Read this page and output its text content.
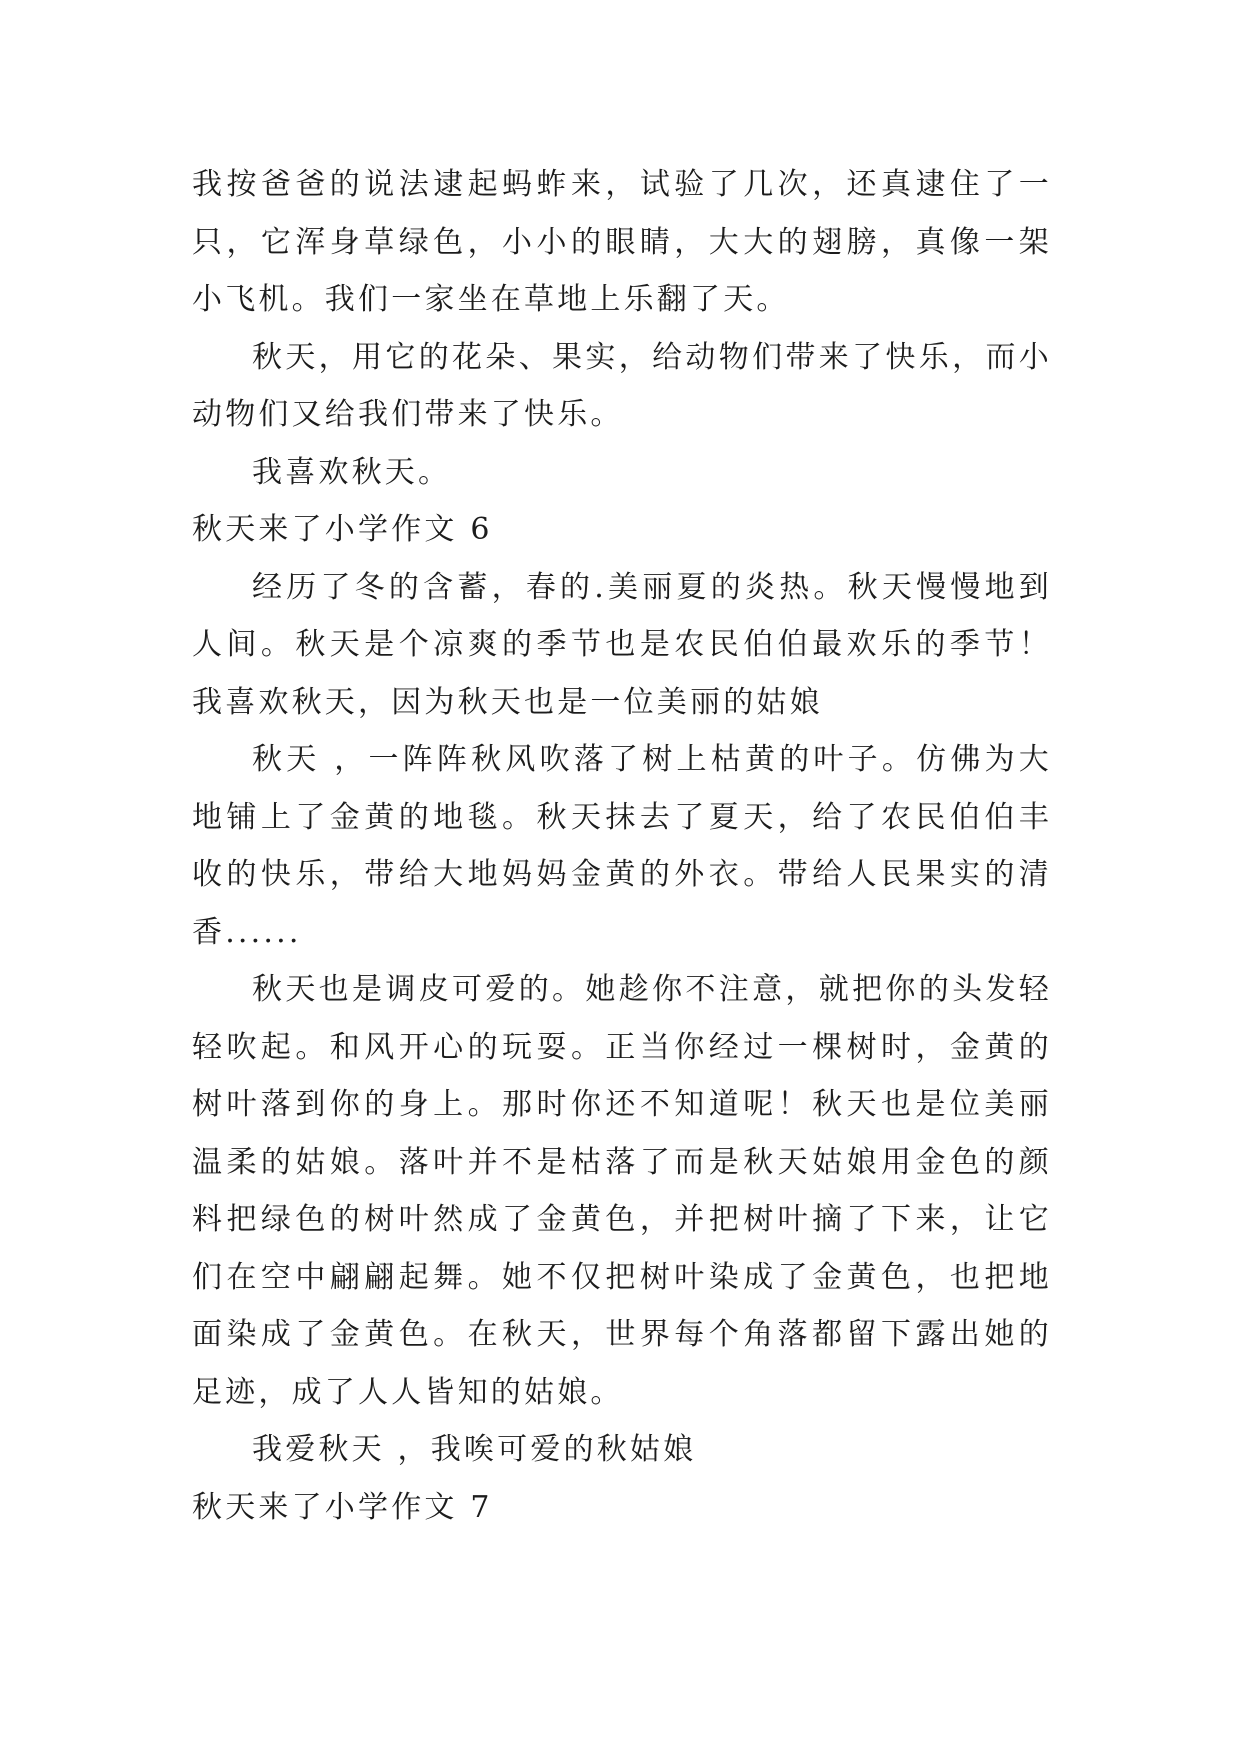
我按爸爸的说法逮起蚂蚱来，试验了几次，还真逮住了一只，它浑身草绿色，小小的眼睛，大大的翅膀，真像一架小飞机。我们一家坐在草地上乐翻了天。

秋天，用它的花朵、果实，给动物们带来了快乐，而小动物们又给我们带来了快乐。

我喜欢秋天。

秋天来了小学作文 6

经历了冬的含蓄，春的.美丽夏的炎热。秋天慢慢地到人间。秋天是个凉爽的季节也是农民伯伯最欢乐的季节！我喜欢秋天，因为秋天也是一位美丽的姑娘

秋天 ，一阵阵秋风吹落了树上枯黄的叶子。仿佛为大地铺上了金黄的地毯。秋天抹去了夏天，给了农民伯伯丰收的快乐，带给大地妈妈金黄的外衣。带给人民果实的清香......

秋天也是调皮可爱的。她趁你不注意，就把你的头发轻轻吹起。和风开心的玩耍。正当你经过一棵树时，金黄的树叶落到你的身上。那时你还不知道呢！秋天也是位美丽温柔的姑娘。落叶并不是枯落了而是秋天姑娘用金色的颜料把绿色的树叶然成了金黄色，并把树叶摘了下来，让它们在空中翩翩起舞。她不仅把树叶染成了金黄色，也把地面染成了金黄色。在秋天，世界每个角落都留下露出她的足迹，成了人人皆知的姑娘。

我爱秋天 ，我唉可爱的秋姑娘

秋天来了小学作文 7
